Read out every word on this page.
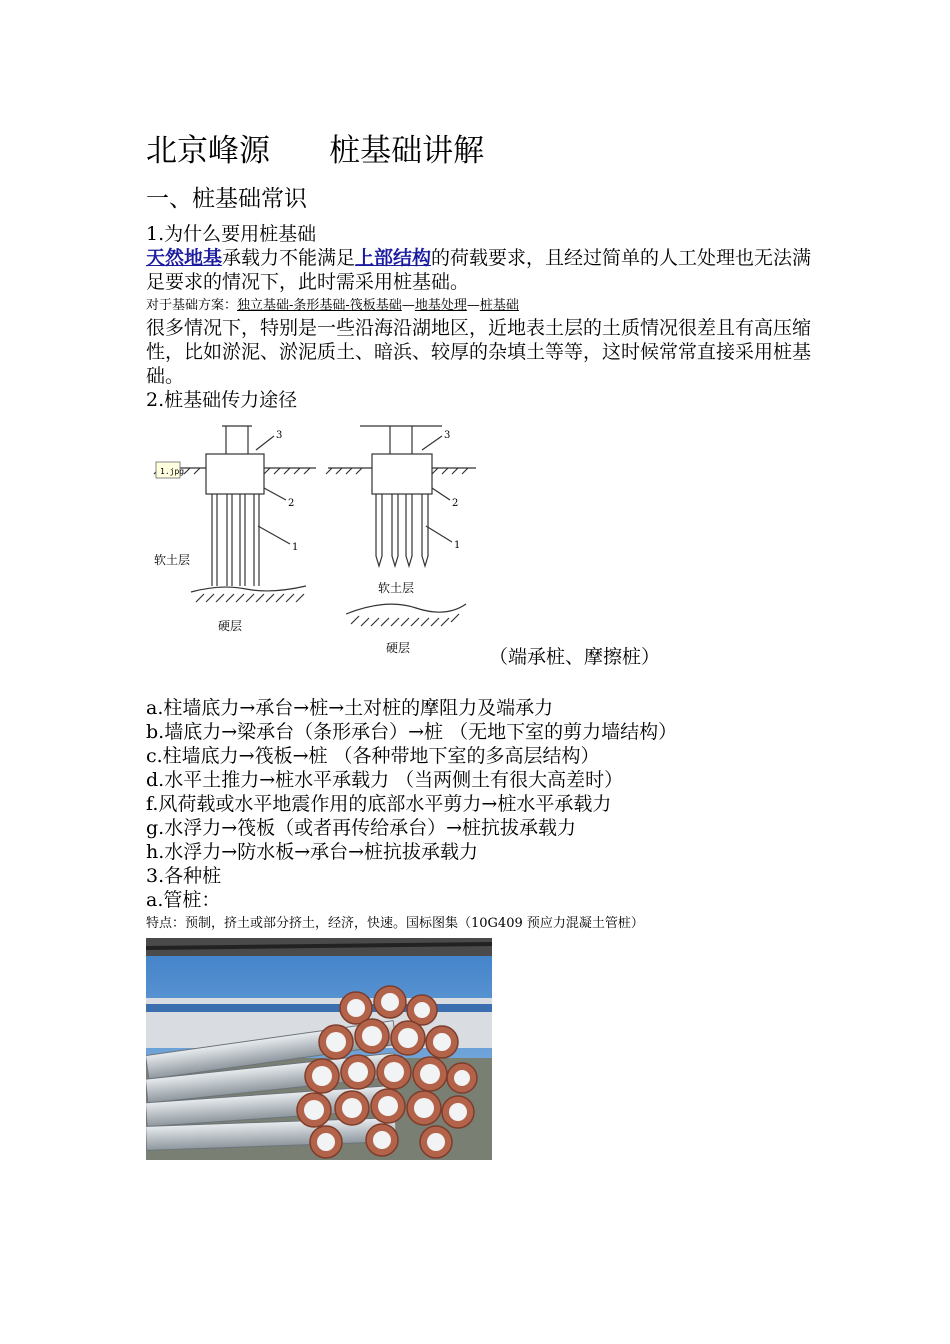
北京峰源      桩基础讲解
一、桩基础常识
1.为什么要用桩基础
天然地基承载力不能满足上部结构的荷载要求，且经过简单的人工处理也无法满足要求的情况下，此时需采用桩基础。
对于基础方案：独立基础-条形基础-筏板基础—地基处理—桩基础
很多情况下，特别是一些沿海沿湖地区，近地表土层的土质情况很差且有高压缩性，比如淤泥、淤泥质土、暗浜、较厚的杂填土等等，这时候常常直接采用桩基础。
2.桩基础传力途径
1.jpg
3
2
1
软土层
硬层
3
2
1
软土层
硬层	（端承桩、摩擦桩）
a.柱墙底力→承台→桩→土对桩的摩阻力及端承力
b.墙底力→梁承台（条形承台）→桩 （无地下室的剪力墙结构）
c.柱墙底力→筏板→桩 （各种带地下室的多高层结构）
d.水平土推力→桩水平承载力 （当两侧土有很大高差时）
f.风荷载或水平地震作用的底部水平剪力→桩水平承载力
g.水浮力→筏板（或者再传给承台）→桩抗拔承载力
h.水浮力→防水板→承台→桩抗拔承载力
3.各种桩
a.管桩：
特点：预制，挤土或部分挤土，经济，快速。国标图集（10G409 预应力混凝土管桩）
